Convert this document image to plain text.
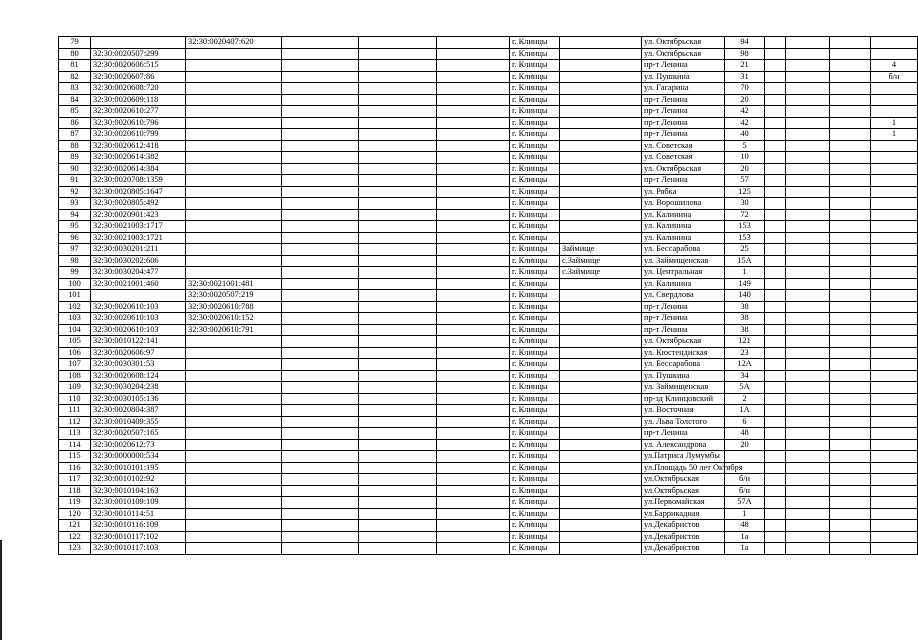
79		32:30:0020407:620				г. Клинцы		ул. Октябрьская	94				
80	32:30:0020507:299					г. Клинцы		ул. Октябрьская	98				
81	32:30:0020606:515					г. Клинцы		пр-т Ленина	21				4
82	32:30:0020607:86					г. Клинцы		ул. Пушкина	31				б/н
83	32:30:0020608:720					г. Клинцы		ул. Гагарина	70				
84	32:30:0020609:118					г. Клинцы		пр-т Ленина	20				
85	32:30:0020610:277					г. Клинцы		пр-т Ленина	42				
86	32:30:0020610:796					г. Клинцы		пр-т Ленина	42				1
87	32:30:0020610:799					г. Клинцы		пр-т Ленина	40				1
88	32:30:0020612:418					г. Клинцы		ул. Советская	5				
89	32:30:0020614:382					г. Клинцы		ул. Советская	10				
90	32:30:0020614:384					г. Клинцы		ул. Октябрьская	20				
91	32:30:0020708:1359					г. Клинцы		пр-т Ленина	57				
92	32:30:0020805:1647					г. Клинцы		ул. Рябка	125				
93	32:30:0020805:492					г. Клинцы		ул. Ворошилова	30				
94	32:30:0020901:423					г. Клинцы		ул. Калинина	72				
95	32:30:0021003:1717					г. Клинцы		ул. Калинина	153				
96	32:30:0021003:1721					г. Клинцы		ул. Калинина	153				
97	32:30:0030201:211					г. Клинцы	Займище	ул. Бессарабова	25				
98	32:30:0030202:606					г. Клинцы	с.Займище	ул. Займищенская	15А				
99	32:30:0030204:477					г. Клинцы	с.Займище	ул. Центральная	1				
100	32:30:0021001:460	32:30:0021001:481				г. Клинцы		ул. Калинина	149				
101		32:30:0020507:219				г. Клинцы		ул. Свердлова	140				
102	32:30:0020610:103	32:30:0020610:788				г. Клинцы		пр-т Ленина	38				
103	32:30:0020610:103	32:30:0020610:152				г. Клинцы		пр-т Ленина	38				
104	32:30:0020610:103	32:30:0020610:791				г. Клинцы		пр-т Ленина	38				
105	32:30:0010122:141					г. Клинцы		ул. Октябрьская	121				
106	32:30:0020606:97					г. Клинцы		ул. Кюстендиская	23				
107	32:30:0030301:53					г. Клинцы		ул. Бессарабова	12А				
108	32:30:0020608:124					г. Клинцы		ул. Пушкина	34				
109	32:30:0030204:238					г. Клинцы		ул. Займищенская	5А				
110	32:30:0030105:136					г. Клинцы		пр-зд Клинцовский	2				
111	32:30:0020804:387					г. Клинцы		ул. Восточная	1А				
112	32:30:0010409:355					г. Клинцы		ул. Льва Толстого	6				
113	32:30:0020507:165					г. Клинцы		пр-т Ленина	48				
114	32:30:0020612:73					г. Клинцы		ул. Александрова	20				
115	32:30:0000000:534					г. Клинцы		ул.Патриса Лумумбы					
116	32:30:0010101:195					г. Клинцы		ул.Площадь 50 лет Октября					
117	32:30:0010102:92					г. Клинцы		ул.Октябрьская	б/н				
118	32:30:0010104:163					г. Клинцы		ул.Октябрьская	б/н				
119	32:30:0010109:109					г. Клинцы		ул.Первомайская	57А				
120	32:30:0010114:51					г. Клинцы		ул.Баррикадная	1				
121	32:30:0010116:109					г. Клинцы		ул.Декабристов	48				
122	32:30:0010117:102					г. Клинцы		ул.Декабристов	1а				
123	32:30:0010117:103					г. Клинцы		ул.Декабристов	1а				
